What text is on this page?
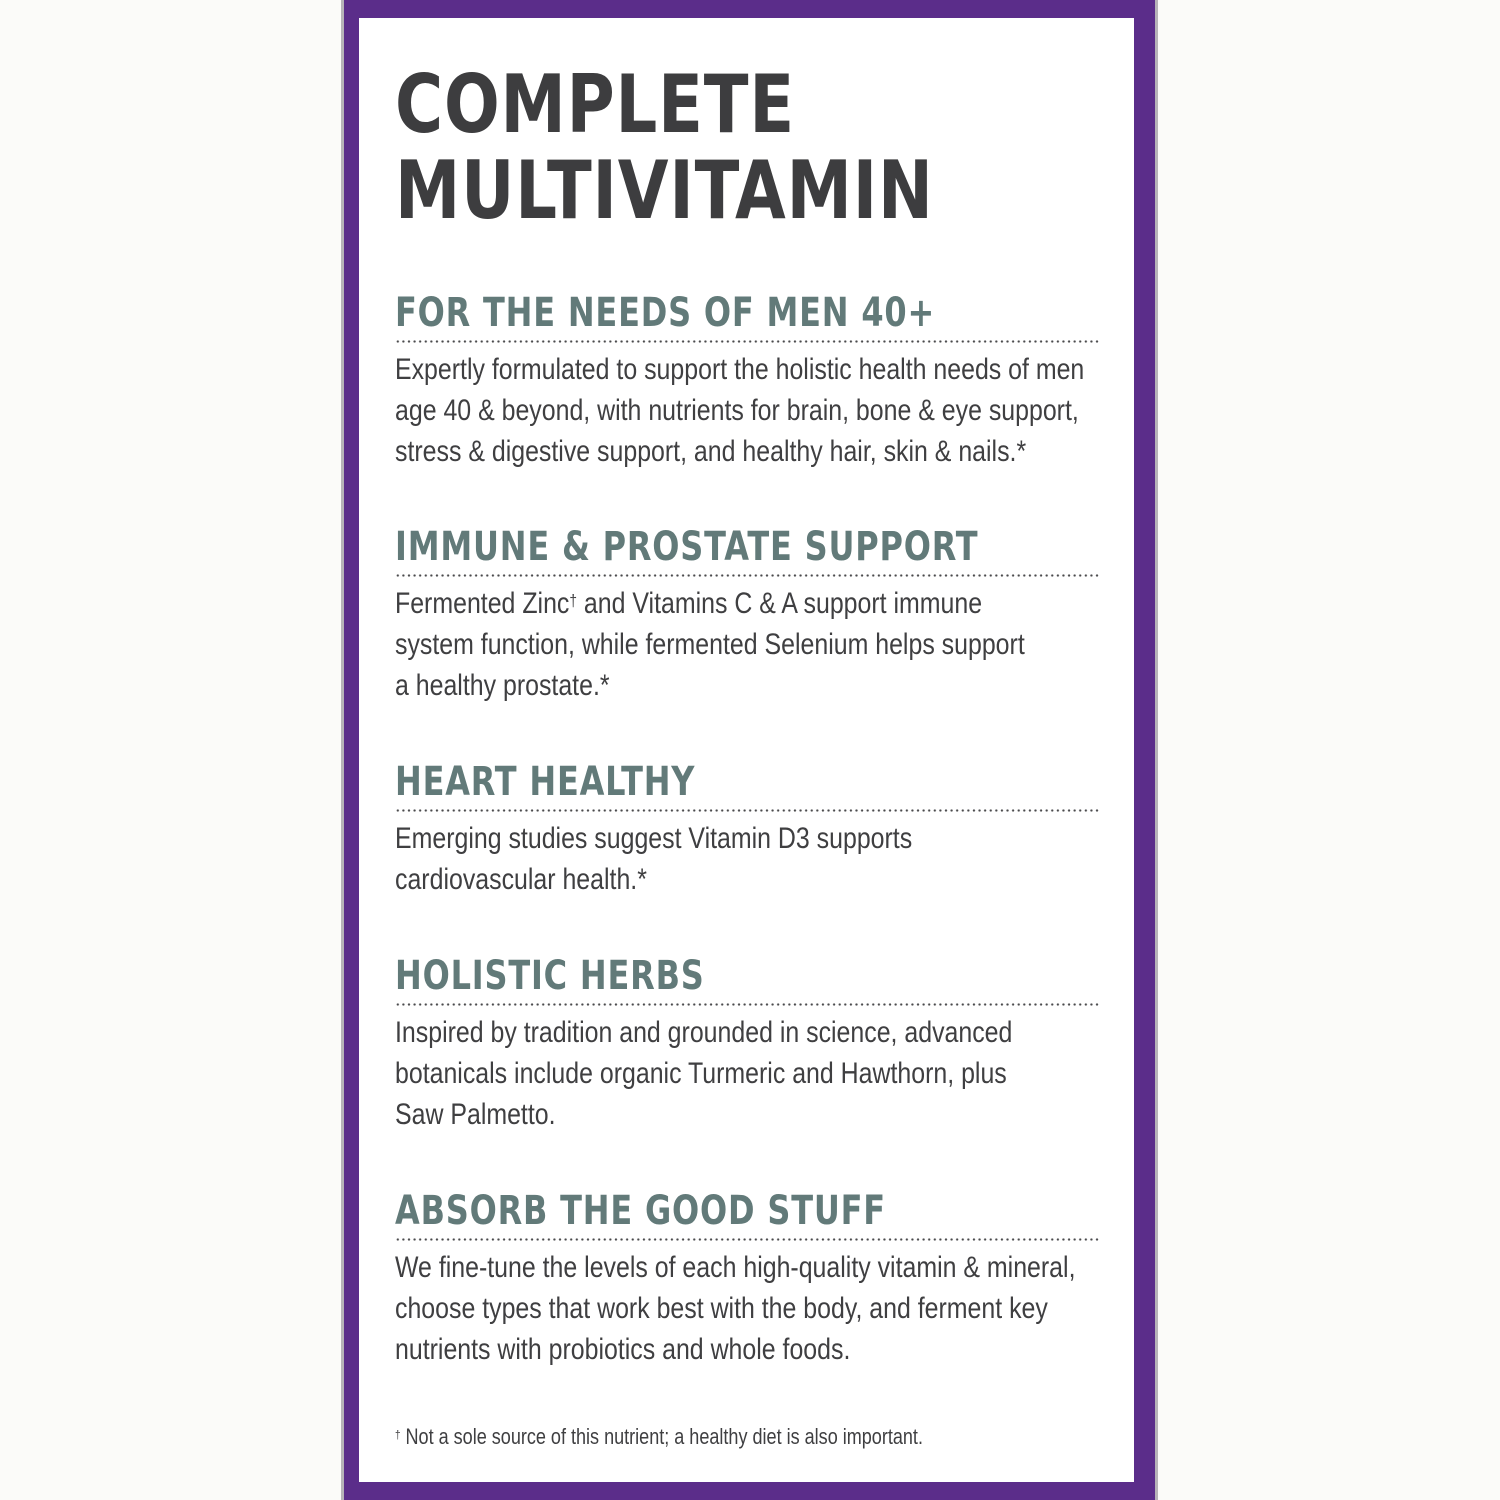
COMPLETE
MULTIVITAMIN
FOR THE NEEDS OF MEN 40+
Expertly formulated to support the holistic health needs of men
age 40 & beyond, with nutrients for brain, bone & eye support,
stress & digestive support, and healthy hair, skin & nails.*
IMMUNE & PROSTATE SUPPORT
Fermented Zinc† and Vitamins C & A support immune
system function, while fermented Selenium helps support
a healthy prostate.*
HEART HEALTHY
Emerging studies suggest Vitamin D3 supports
cardiovascular health.*
HOLISTIC HERBS
Inspired by tradition and grounded in science, advanced
botanicals include organic Turmeric and Hawthorn, plus
Saw Palmetto.
ABSORB THE GOOD STUFF
We fine-tune the levels of each high-quality vitamin & mineral,
choose types that work best with the body, and ferment key
nutrients with probiotics and whole foods.
† Not a sole source of this nutrient; a healthy diet is also important.
